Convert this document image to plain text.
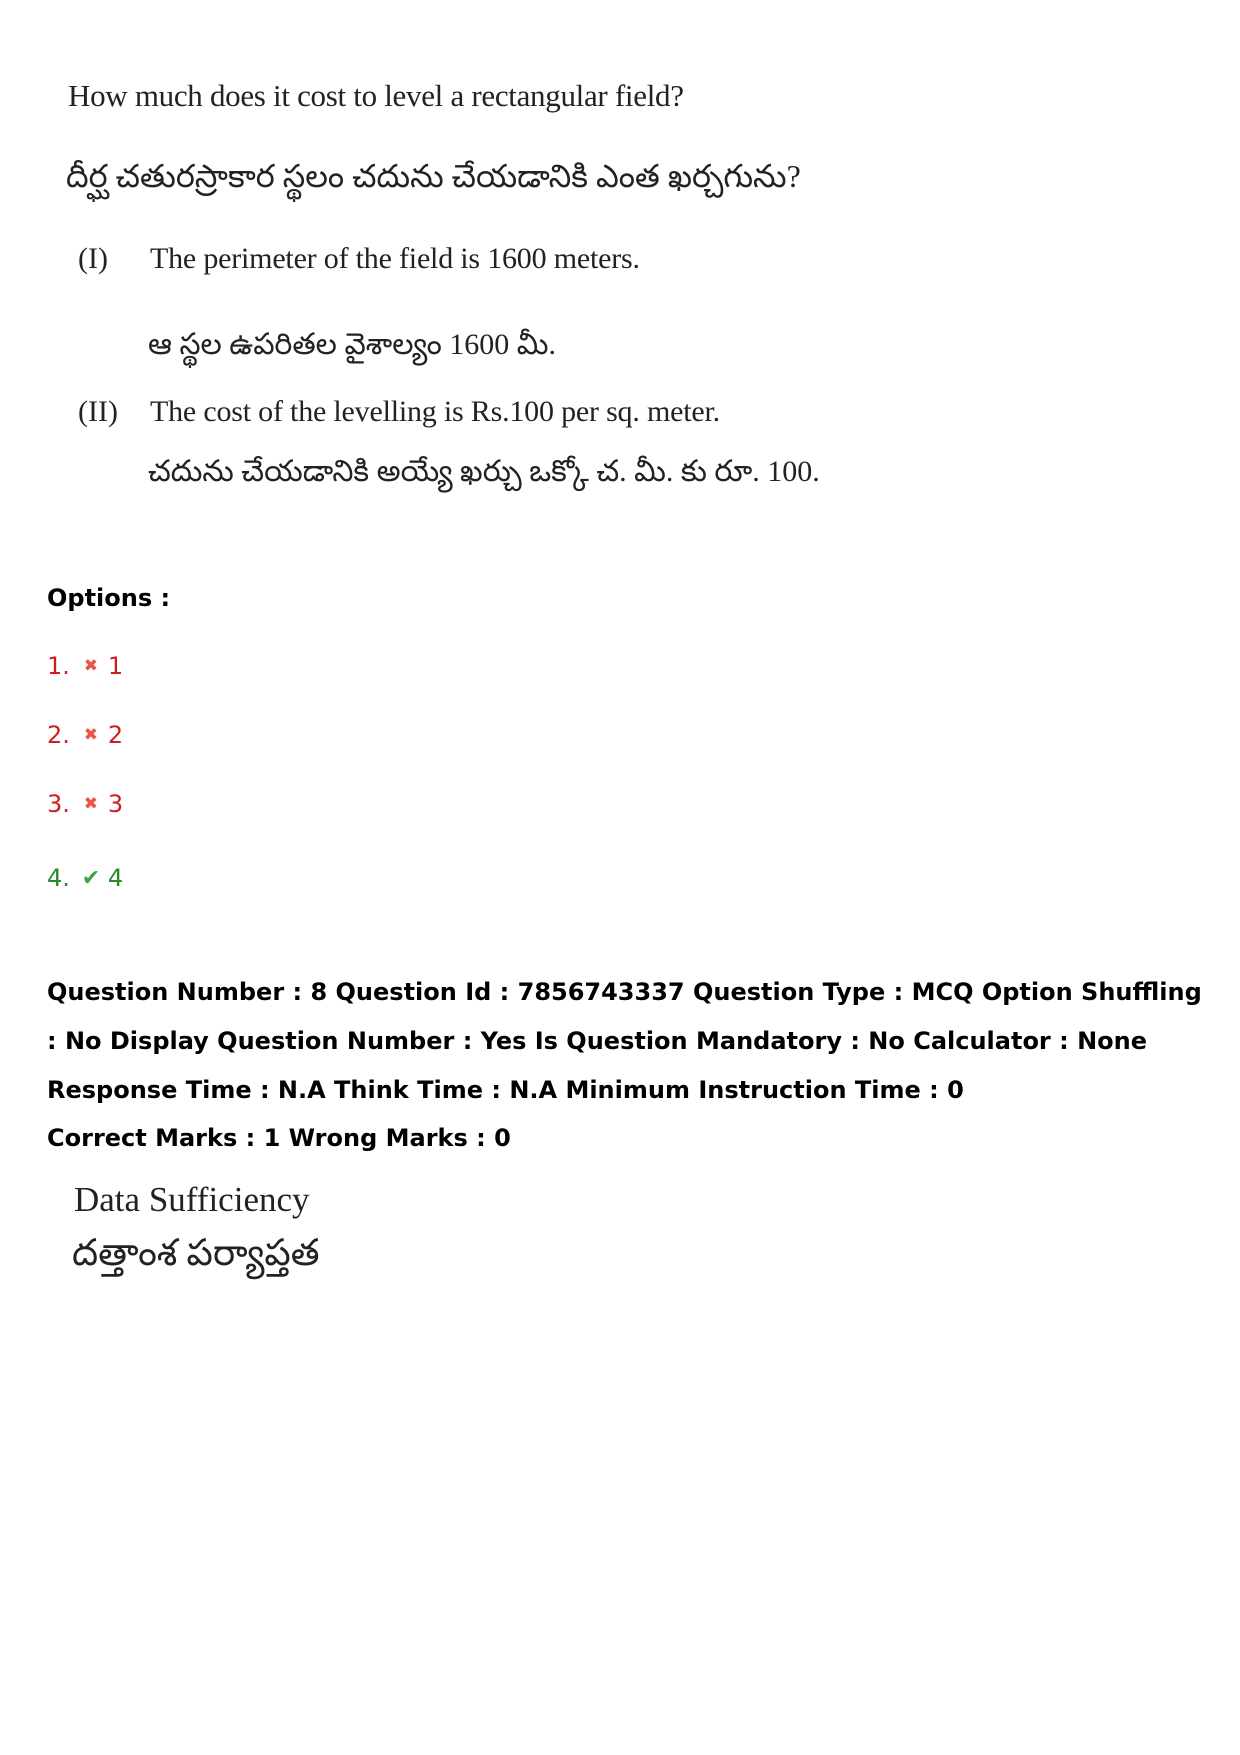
How much does it cost to level a rectangular field?
దీర్ఘ చతురస్రాకార స్థలం చదును చేయడానికి ఎంత ఖర్చగును?
(I) The perimeter of the field is 1600 meters.
ఆ స్థల ఉపరితల వైశాల్యం 1600 మీ.
(II) The cost of the levelling is Rs.100 per sq. meter.
చదును చేయడానికి అయ్యే ఖర్చు ఒక్కో చ. మీ. కు రూ. 100.
Options :
1. ✖ 1
2. ✖ 2
3. ✖ 3
4. ✔ 4
Question Number : 8 Question Id : 7856743337 Question Type : MCQ Option Shuffling : No Display Question Number : Yes Is Question Mandatory : No Calculator : None Response Time : N.A Think Time : N.A Minimum Instruction Time : 0
Correct Marks : 1 Wrong Marks : 0
Data Sufficiency
దత్తాంశ పర్యాప్తత
